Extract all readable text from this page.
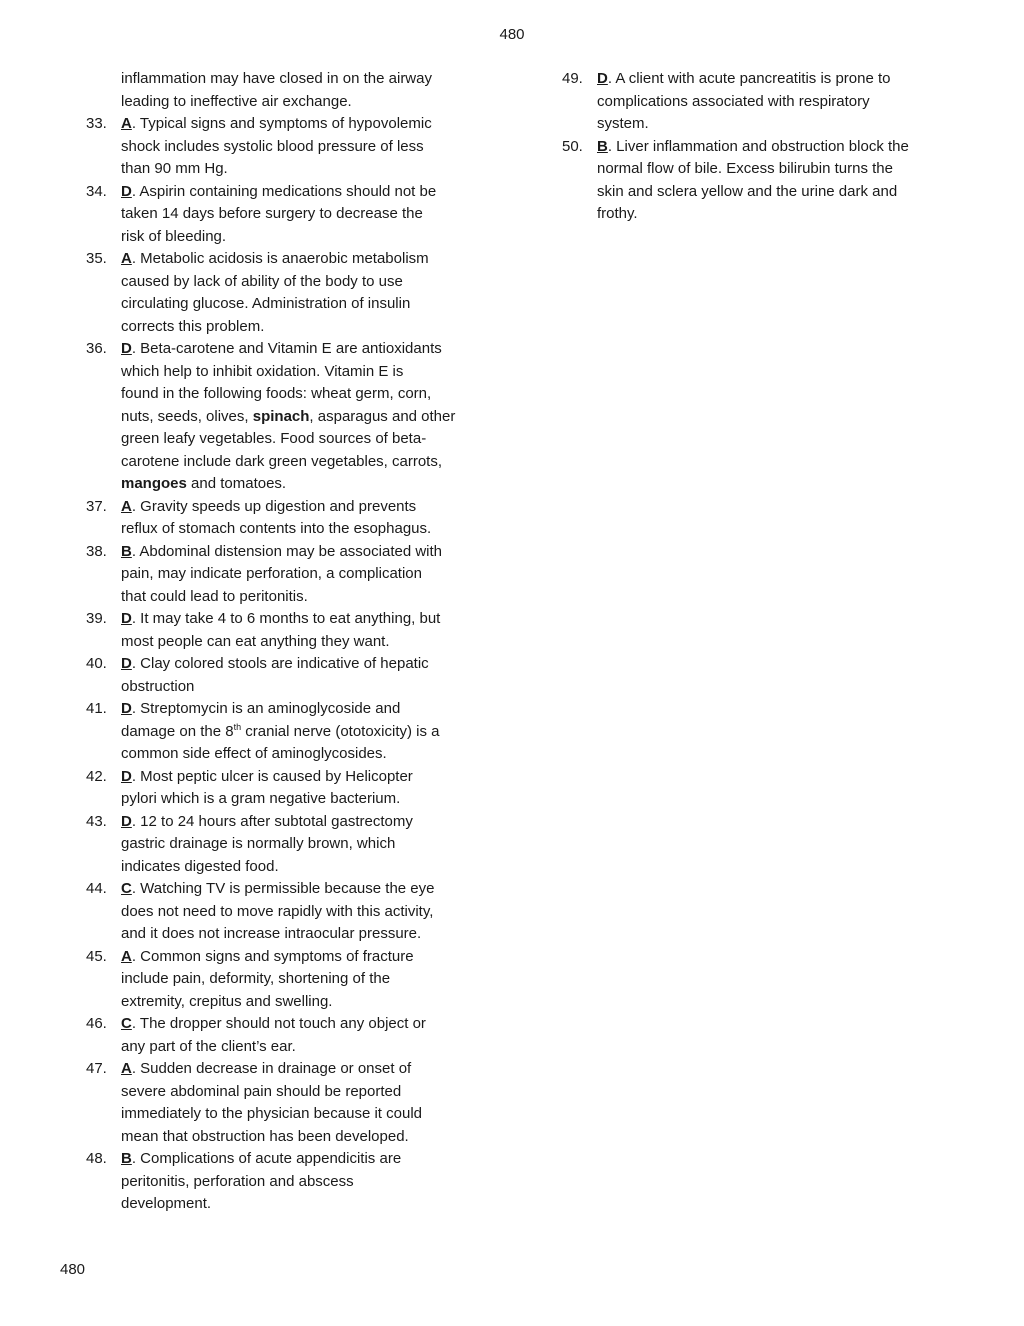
480
inflammation may have closed in on the airway
leading to ineffective air exchange.
33. A. Typical signs and symptoms of hypovolemic
shock includes systolic blood pressure of less
than 90 mm Hg.
34. D. Aspirin containing medications should not be
taken 14 days before surgery to decrease the
risk of bleeding.
35. A. Metabolic acidosis is anaerobic metabolism
caused by lack of ability of the body to use
circulating glucose. Administration of insulin
corrects this problem.
36. D. Beta-carotene and Vitamin E are antioxidants
which help to inhibit oxidation. Vitamin E is
found in the following foods: wheat germ, corn,
nuts, seeds, olives, spinach, asparagus and other
green leafy vegetables. Food sources of beta-
carotene include dark green vegetables, carrots,
mangoes and tomatoes.
37. A. Gravity speeds up digestion and prevents
reflux of stomach contents into the esophagus.
38. B. Abdominal distension may be associated with
pain, may indicate perforation, a complication
that could lead to peritonitis.
39. D. It may take 4 to 6 months to eat anything, but
most people can eat anything they want.
40. D. Clay colored stools are indicative of hepatic
obstruction
41. D. Streptomycin is an aminoglycoside and
damage on the 8th cranial nerve (ototoxicity) is a
common side effect of aminoglycosides.
42. D. Most peptic ulcer is caused by Helicopter
pylori which is a gram negative bacterium.
43. D. 12 to 24 hours after subtotal gastrectomy
gastric drainage is normally brown, which
indicates digested food.
44. C. Watching TV is permissible because the eye
does not need to move rapidly with this activity,
and it does not increase intraocular pressure.
45. A. Common signs and symptoms of fracture
include pain, deformity, shortening of the
extremity, crepitus and swelling.
46. C. The dropper should not touch any object or
any part of the client’s ear.
47. A. Sudden decrease in drainage or onset of
severe abdominal pain should be reported
immediately to the physician because it could
mean that obstruction has been developed.
48. B. Complications of acute appendicitis are
peritonitis, perforation and abscess
development.
49. D. A client with acute pancreatitis is prone to
complications associated with respiratory
system.
50. B. Liver inflammation and obstruction block the
normal flow of bile. Excess bilirubin turns the
skin and sclera yellow and the urine dark and
frothy.
480
